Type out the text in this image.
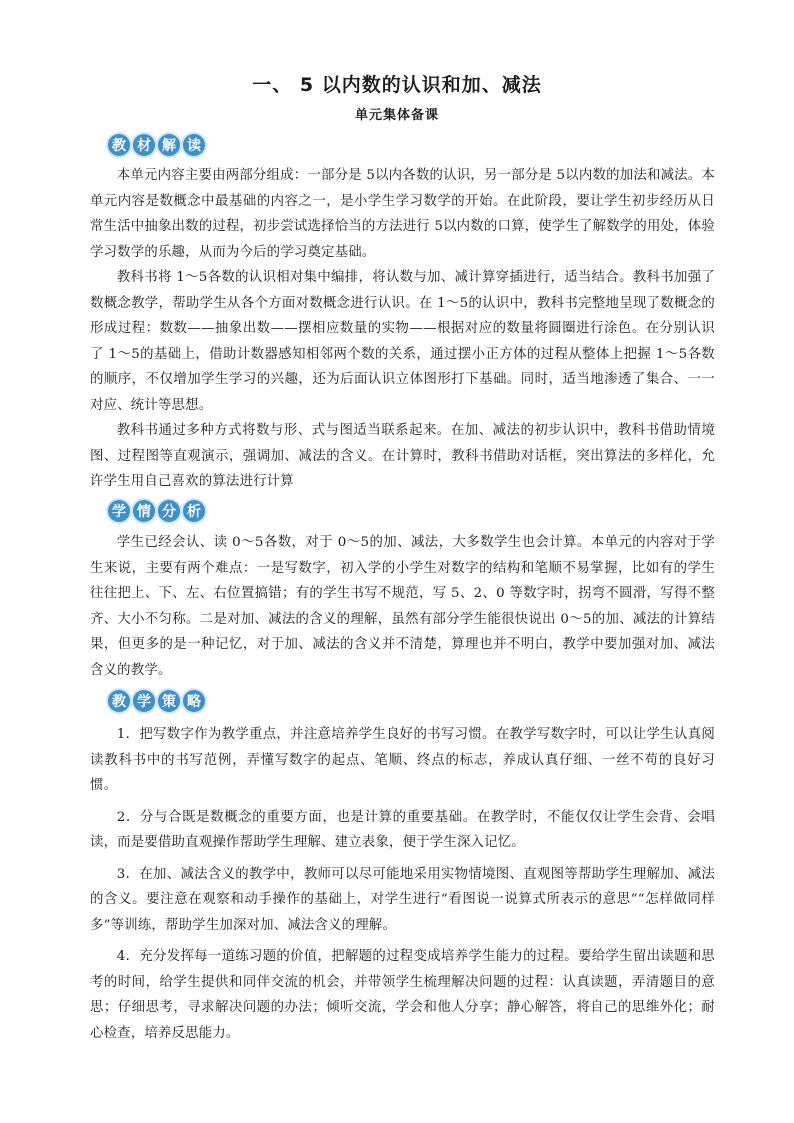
一、 5 以内数的认识和加、减法
单元集体备课
教 材 解 读

本单元内容主要由两部分组成：一部分是 5以内各数的认识，另一部分是 5以内数的加法和减法。本单元内容是数概念中最基础的内容之一，是小学生学习数学的开始。在此阶段，要让学生初步经历从日常生活中抽象出数的过程，初步尝试选择恰当的方法进行 5以内数的口算，使学生了解数学的用处，体验学习数学的乐趣，从而为今后的学习奠定基础。

教科书将 1～5各数的认识相对集中编排，将认数与加、减计算穿插进行，适当结合。教科书加强了数概念教学，帮助学生从各个方面对数概念进行认识。在 1～5的认识中，教科书完整地呈现了数概念的形成过程：数数——抽象出数——摆相应数量的实物——根据对应的数量将圆圈进行涂色。在分别认识了 1～5的基础上，借助计数器感知相邻两个数的关系，通过摆小正方体的过程从整体上把握 1～5各数的顺序，不仅增加学生学习的兴趣，还为后面认识立体图形打下基础。同时，适当地渗透了集合、一一对应、统计等思想。

教科书通过多种方式将数与形、式与图适当联系起来。在加、减法的初步认识中，教科书借助情境图、过程图等直观演示，强调加、减法的含义。在计算时，教科书借助对话框，突出算法的多样化，允许学生用自己喜欢的算法进行计算

学 情 分 析

学生已经会认、读 0～5各数，对于 0～5的加、减法，大多数学生也会计算。本单元的内容对于学生来说，主要有两个难点：一是写数字，初入学的小学生对数字的结构和笔顺不易掌握，比如有的学生往往把上、下、左、右位置搞错；有的学生书写不规范，写 5、2、0 等数字时，拐弯不圆滑，写得不整齐、大小不匀称。二是对加、减法的含义的理解，虽然有部分学生能很快说出 0～5的加、减法的计算结果，但更多的是一种记忆，对于加、减法的含义并不清楚，算理也并不明白，教学中要加强对加、减法含义的教学。

教 学 策 略

1．把写数字作为教学重点，并注意培养学生良好的书写习惯。在教学写数字时，可以让学生认真阅读教科书中的书写范例，弄懂写数字的起点、笔顺、终点的标志，养成认真仔细、一丝不苟的良好习惯。

2．分与合既是数概念的重要方面，也是计算的重要基础。在教学时，不能仅仅让学生会背、会唱读，而是要借助直观操作帮助学生理解、建立表象，便于学生深入记忆。

3．在加、减法含义的教学中，教师可以尽可能地采用实物情境图、直观图等帮助学生理解加、减法的含义。要注意在观察和动手操作的基础上，对学生进行“看图说一说算式所表示的意思”“怎样做同样多”等训练，帮助学生加深对加、减法含义的理解。

4．充分发挥每一道练习题的价值，把解题的过程变成培养学生能力的过程。要给学生留出读题和思考的时间，给学生提供和同伴交流的机会，并带领学生梳理解决问题的过程：认真读题，弄清题目的意思；仔细思考，寻求解决问题的办法；倾听交流，学会和他人分享；静心解答，将自己的思维外化；耐心检查，培养反思能力。
